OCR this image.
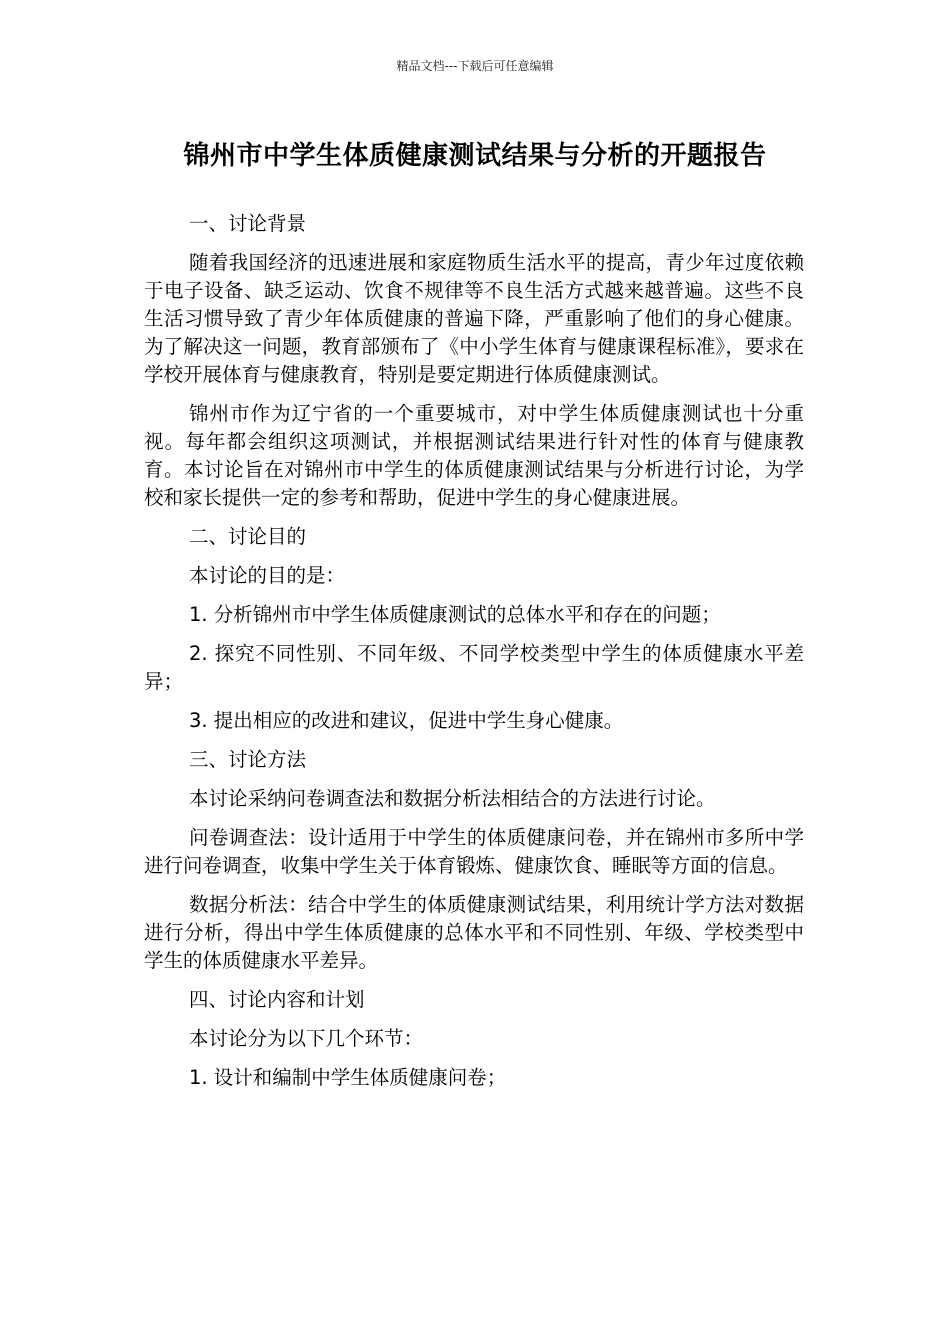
精品文档---下载后可任意编辑
锦州市中学生体质健康测试结果与分析的开题报告

一、讨论背景

随着我国经济的迅速进展和家庭物质生活水平的提高，青少年过度依赖于电子设备、缺乏运动、饮食不规律等不良生活方式越来越普遍。这些不良生活习惯导致了青少年体质健康的普遍下降，严重影响了他们的身心健康。为了解决这一问题，教育部颁布了《中小学生体育与健康课程标准》，要求在学校开展体育与健康教育，特别是要定期进行体质健康测试。

锦州市作为辽宁省的一个重要城市，对中学生体质健康测试也十分重视。每年都会组织这项测试，并根据测试结果进行针对性的体育与健康教育。本讨论旨在对锦州市中学生的体质健康测试结果与分析进行讨论，为学校和家长提供一定的参考和帮助，促进中学生的身心健康进展。

二、讨论目的

本讨论的目的是：

1. 分析锦州市中学生体质健康测试的总体水平和存在的问题；

2. 探究不同性别、不同年级、不同学校类型中学生的体质健康水平差异；

3. 提出相应的改进和建议，促进中学生身心健康。

三、讨论方法

本讨论采纳问卷调查法和数据分析法相结合的方法进行讨论。

问卷调查法：设计适用于中学生的体质健康问卷，并在锦州市多所中学进行问卷调查，收集中学生关于体育锻炼、健康饮食、睡眠等方面的信息。

数据分析法：结合中学生的体质健康测试结果，利用统计学方法对数据进行分析，得出中学生体质健康的总体水平和不同性别、年级、学校类型中学生的体质健康水平差异。

四、讨论内容和计划

本讨论分为以下几个环节：

1. 设计和编制中学生体质健康问卷；
